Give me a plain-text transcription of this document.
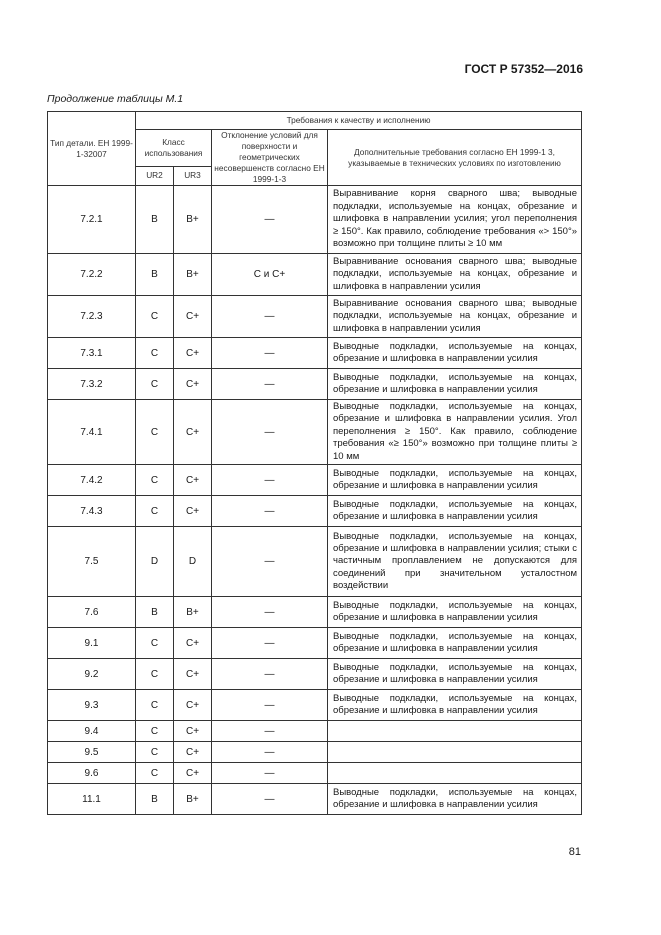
ГОСТ Р 57352—2016
Продолжение таблицы М.1
Тип детали. ЕН 1999-1-32007	Требования к качеству и исполнению			
	Класс использования		Отклонение условий для поверхности и геометрических несовершенств согласно ЕН 1999-1-3	Дополнительные требования согласно ЕН 1999-1 3, указываемые в технических условиях по изготовлению
	UR2	UR3		
7.2.1	B	B+	—	Выравнивание корня сварного шва; выводные подкладки, используемые на концах, обрезание и шлифовка в направлении усилия; угол переполнения ≥ 150°. Как правило, соблюдение требования «> 150°» возможно при толщине плиты ≥ 10 мм
7.2.2	B	B+	C и C+	Выравнивание основания сварного шва; выводные подкладки, используемые на концах, обрезание и шлифовка в направлении усилия
7.2.3	C	C+	—	Выравнивание основания сварного шва; выводные подкладки, используемые на концах, обрезание и шлифовка в направлении усилия
7.3.1	C	C+	—	Выводные подкладки, используемые на концах, обрезание и шлифовка в направлении усилия
7.3.2	C	C+	—	Выводные подкладки, используемые на концах, обрезание и шлифовка в направлении усилия
7.4.1	C	C+	—	Выводные подкладки, используемые на концах, обрезание и шлифовка в направлении усилия. Угол переполнения ≥ 150°. Как правило, соблюдение требования «≥ 150°» возможно при толщине плиты ≥ 10 мм
7.4.2	C	C+	—	Выводные подкладки, используемые на концах, обрезание и шлифовка в направлении усилия
7.4.3	C	C+	—	Выводные подкладки, используемые на концах, обрезание и шлифовка в направлении усилия
7.5	D	D	—	Выводные подкладки, используемые на концах, обрезание и шлифовка в направлении усилия; стыки с частичным проплавлением не допускаются для соединений при значительном усталостном воздействии
7.6	B	B+	—	Выводные подкладки, используемые на концах, обрезание и шлифовка в направлении усилия
9.1	C	C+	—	Выводные подкладки, используемые на концах, обрезание и шлифовка в направлении усилия
9.2	C	C+	—	Выводные подкладки, используемые на концах, обрезание и шлифовка в направлении усилия
9.3	C	C+	—	Выводные подкладки, используемые на концах, обрезание и шлифовка в направлении усилия
9.4	C	C+	—	
9.5	C	C+	—	
9.6	C	C+	—	
11.1	B	B+	—	Выводные подкладки, используемые на концах, обрезание и шлифовка в направлении усилия
81
